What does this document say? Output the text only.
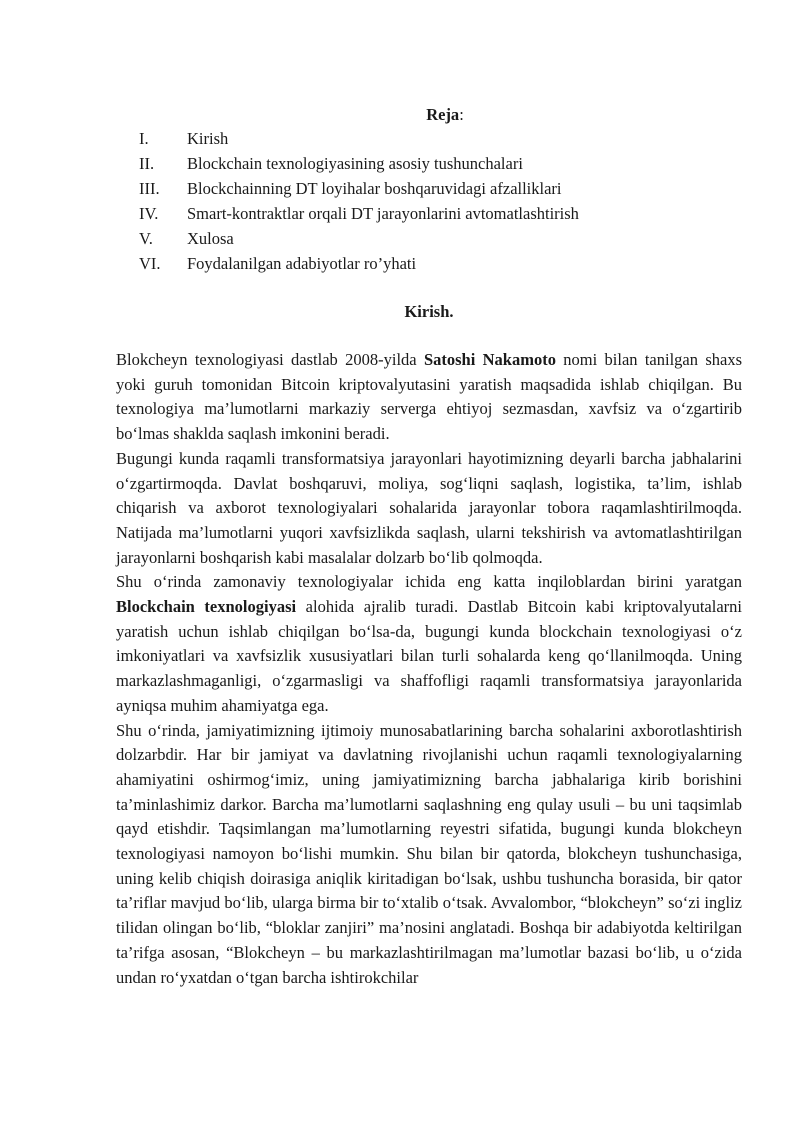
Reja:
I. Kirish
II. Blockchain texnologiyasining asosiy tushunchalari
III. Blockchainning DT loyihalar boshqaruvidagi afzalliklari
IV. Smart-kontraktlar orqali DT jarayonlarini avtomatlashtirish
V. Xulosa
VI. Foydalanilgan adabiyotlar ro’yhati
Kirish.

Blokcheyn texnologiyasi dastlab 2008-yilda Satoshi Nakamoto nomi bilan tanilgan shaxs yoki guruh tomonidan Bitcoin kriptovalyutasini yaratish maqsadida ishlab chiqilgan. Bu texnologiya ma’lumotlarni markaziy serverga ehtiyoj sezmasdan, xavfsiz va o‘zgartirib bo‘lmas shaklda saqlash imkonini beradi.

Bugungi kunda raqamli transformatsiya jarayonlari hayotimizning deyarli barcha jabhalarini o‘zgartirmoqda. Davlat boshqaruvi, moliya, sog‘liqni saqlash, logistika, ta’lim, ishlab chiqarish va axborot texnologiyalari sohalarida jarayonlar tobora raqamlashtirilmoqda. Natijada ma’lumotlarni yuqori xavfsizlikda saqlash, ularni tekshirish va avtomatlashtirilgan jarayonlarni boshqarish kabi masalalar dolzarb bo‘lib qolmoqda.

Shu o‘rinda zamonaviy texnologiyalar ichida eng katta inqiloblardan birini yaratgan Blockchain texnologiyasi alohida ajralib turadi. Dastlab Bitcoin kabi kriptovalyutalarni yaratish uchun ishlab chiqilgan bo‘lsa-da, bugungi kunda blockchain texnologiyasi o‘z imkoniyatlari va xavfsizlik xususiyatlari bilan turli sohalarda keng qo‘llanilmoqda. Uning markazlashmaganligi, o‘zgarmasligi va shaffofligi raqamli transformatsiya jarayonlarida ayniqsa muhim ahamiyatga ega.

Shu o‘rinda, jamiyatimizning ijtimoiy munosabatlarining barcha sohalarini axborotlashtirish dolzarbdir. Har bir jamiyat va davlatning rivojlanishi uchun raqamli texnologiyalarning ahamiyatini oshirmog‘imiz, uning jamiyatimizning barcha jabhalariga kirib borishini ta’minlashimiz darkor. Barcha ma’lumotlarni saqlashning eng qulay usuli – bu uni taqsimlab qayd etishdir. Taqsimlangan ma’lumotlarning reyestri sifatida, bugungi kunda blokcheyn texnologiyasi namoyon bo‘lishi mumkin. Shu bilan bir qatorda, blokcheyn tushunchasiga, uning kelib chiqish doirasiga aniqlik kiritadigan bo‘lsak, ushbu tushuncha borasida, bir qator ta’riflar mavjud bo‘lib, ularga birma bir to‘xtalib o‘tsak. Avvalombor, “blokcheyn” so‘zi ingliz tilidan olingan bo‘lib, “bloklar zanjiri” ma’nosini anglatadi. Boshqa bir adabiyotda keltirilgan ta’rifga asosan, “Blokcheyn – bu markazlashtirilmagan ma’lumotlar bazasi bo‘lib, u o‘zida undan ro‘yxatdan o‘tgan barcha ishtirokchilar
